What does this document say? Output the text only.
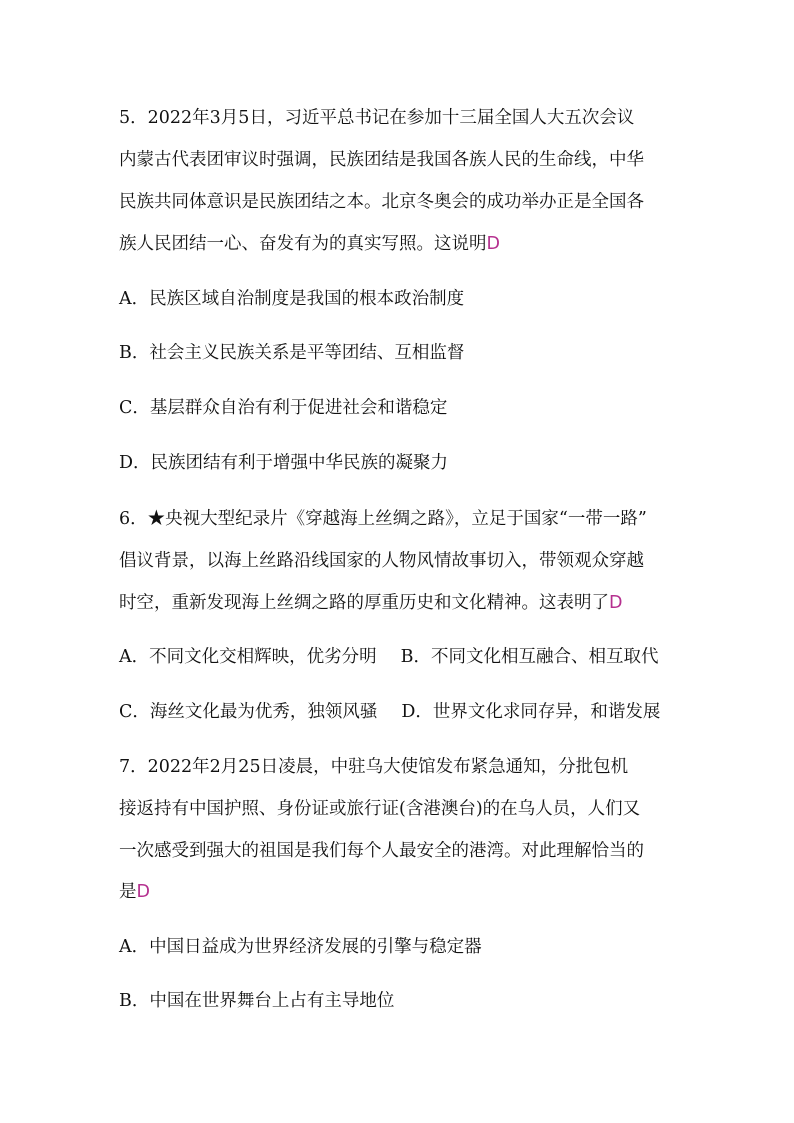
5．2022年3月5日，习近平总书记在参加十三届全国人大五次会议
内蒙古代表团审议时强调，民族团结是我国各族人民的生命线，中华
民族共同体意识是民族团结之本。北京冬奥会的成功举办正是全国各
族人民团结一心、奋发有为的真实写照。这说明D
A．民族区域自治制度是我国的根本政治制度
B．社会主义民族关系是平等团结、互相监督
C．基层群众自治有利于促进社会和谐稳定
D．民族团结有利于增强中华民族的凝聚力
6．★央视大型纪录片《穿越海上丝绸之路》，立足于国家“一带一路”
倡议背景，以海上丝路沿线国家的人物风情故事切入，带领观众穿越
时空，重新发现海上丝绸之路的厚重历史和文化精神。这表明了D
A．不同文化交相辉映，优劣分明 B．不同文化相互融合、相互取代
C．海丝文化最为优秀，独领风骚 D．世界文化求同存异，和谐发展
7．2022年2月25日凌晨，中驻乌大使馆发布紧急通知，分批包机
接返持有中国护照、身份证或旅行证(含港澳台)的在乌人员，人们又
一次感受到强大的祖国是我们每个人最安全的港湾。对此理解恰当的
是D
A．中国日益成为世界经济发展的引擎与稳定器
B．中国在世界舞台上占有主导地位
